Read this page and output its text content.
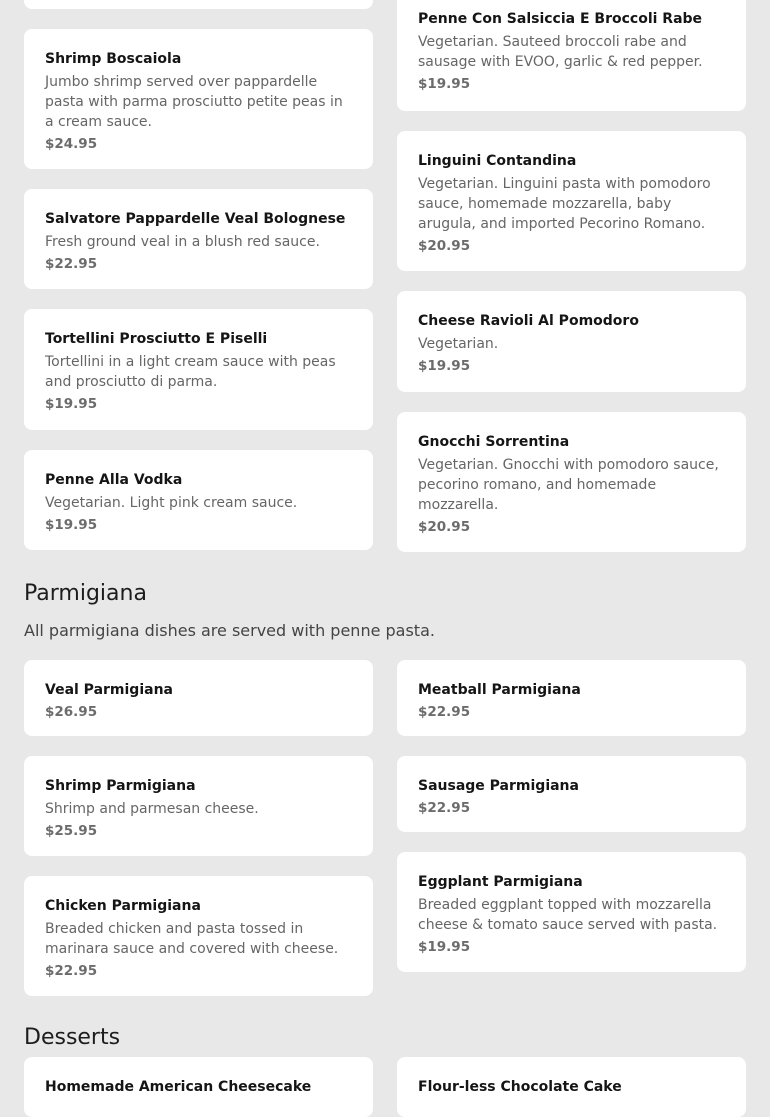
Shrimp Boscaiola
Jumbo shrimp served over pappardelle pasta with parma prosciutto petite peas in a cream sauce.
$24.95
Salvatore Pappardelle Veal Bolognese
Fresh ground veal in a blush red sauce.
$22.95
Tortellini Prosciutto E Piselli
Tortellini in a light cream sauce with peas and prosciutto di parma.
$19.95
Penne Alla Vodka
Vegetarian. Light pink cream sauce.
$19.95
Penne Con Salsiccia E Broccoli Rabe
Vegetarian. Sauteed broccoli rabe and sausage with EVOO, garlic & red pepper.
$19.95
Linguini Contandina
Vegetarian. Linguini pasta with pomodoro sauce, homemade mozzarella, baby arugula, and imported Pecorino Romano.
$20.95
Cheese Ravioli Al Pomodoro
Vegetarian.
$19.95
Gnocchi Sorrentina
Vegetarian. Gnocchi with pomodoro sauce, pecorino romano, and homemade mozzarella.
$20.95
Parmigiana

All parmigiana dishes are served with penne pasta.

Veal Parmigiana
$26.95
Shrimp Parmigiana
Shrimp and parmesan cheese.
$25.95
Chicken Parmigiana
Breaded chicken and pasta tossed in marinara sauce and covered with cheese.
$22.95
Meatball Parmigiana
$22.95
Sausage Parmigiana
$22.95
Eggplant Parmigiana
Breaded eggplant topped with mozzarella cheese & tomato sauce served with pasta.
$19.95
Desserts
Homemade American Cheesecake	Flour-less Chocolate Cake
